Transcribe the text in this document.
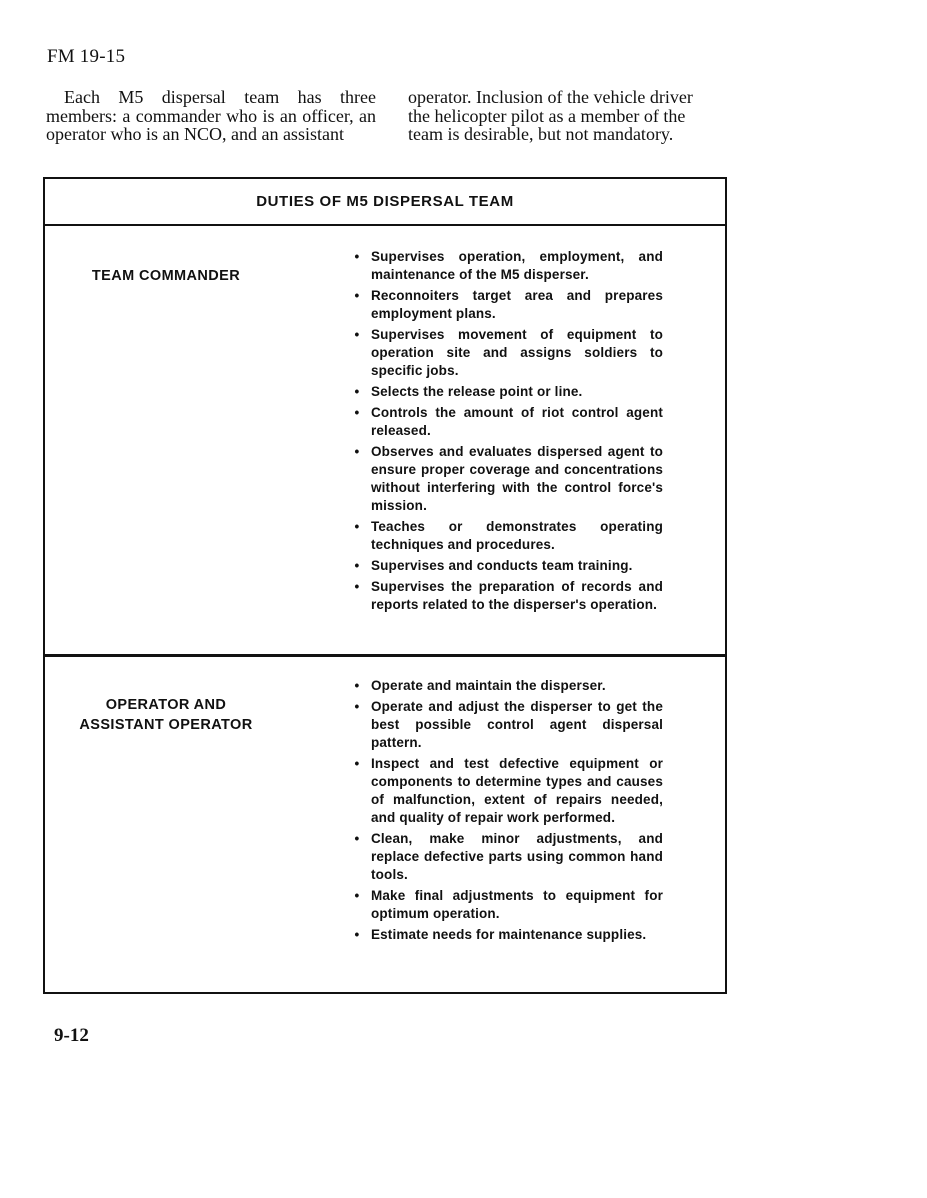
FM 19-15
Each M5 dispersal team has three members: a commander who is an officer, an operator who is an NCO, and an assistant
operator. Inclusion of the vehicle driver the helicopter pilot as a member of the team is desirable, but not mandatory.
DUTIES OF M5 DISPERSAL TEAM
TEAM COMMANDER
• Supervises operation, employment, and maintenance of the M5 disperser.
• Reconnoiters target area and prepares employment plans.
• Supervises movement of equipment to operation site and assigns soldiers to specific jobs.
• Selects the release point or line.
• Controls the amount of riot control agent released.
• Observes and evaluates dispersed agent to ensure proper coverage and concentrations without interfering with the control force's mission.
• Teaches or demonstrates operating techniques and procedures.
• Supervises and conducts team training.
• Supervises the preparation of records and reports related to the disperser's operation.
OPERATOR AND
ASSISTANT OPERATOR
• Operate and maintain the disperser.
• Operate and adjust the disperser to get the best possible control agent dispersal pattern.
• Inspect and test defective equipment or components to determine types and causes of malfunction, extent of repairs needed, and quality of repair work performed.
• Clean, make minor adjustments, and replace defective parts using common hand tools.
• Make final adjustments to equipment for optimum operation.
• Estimate needs for maintenance supplies.
9-12
